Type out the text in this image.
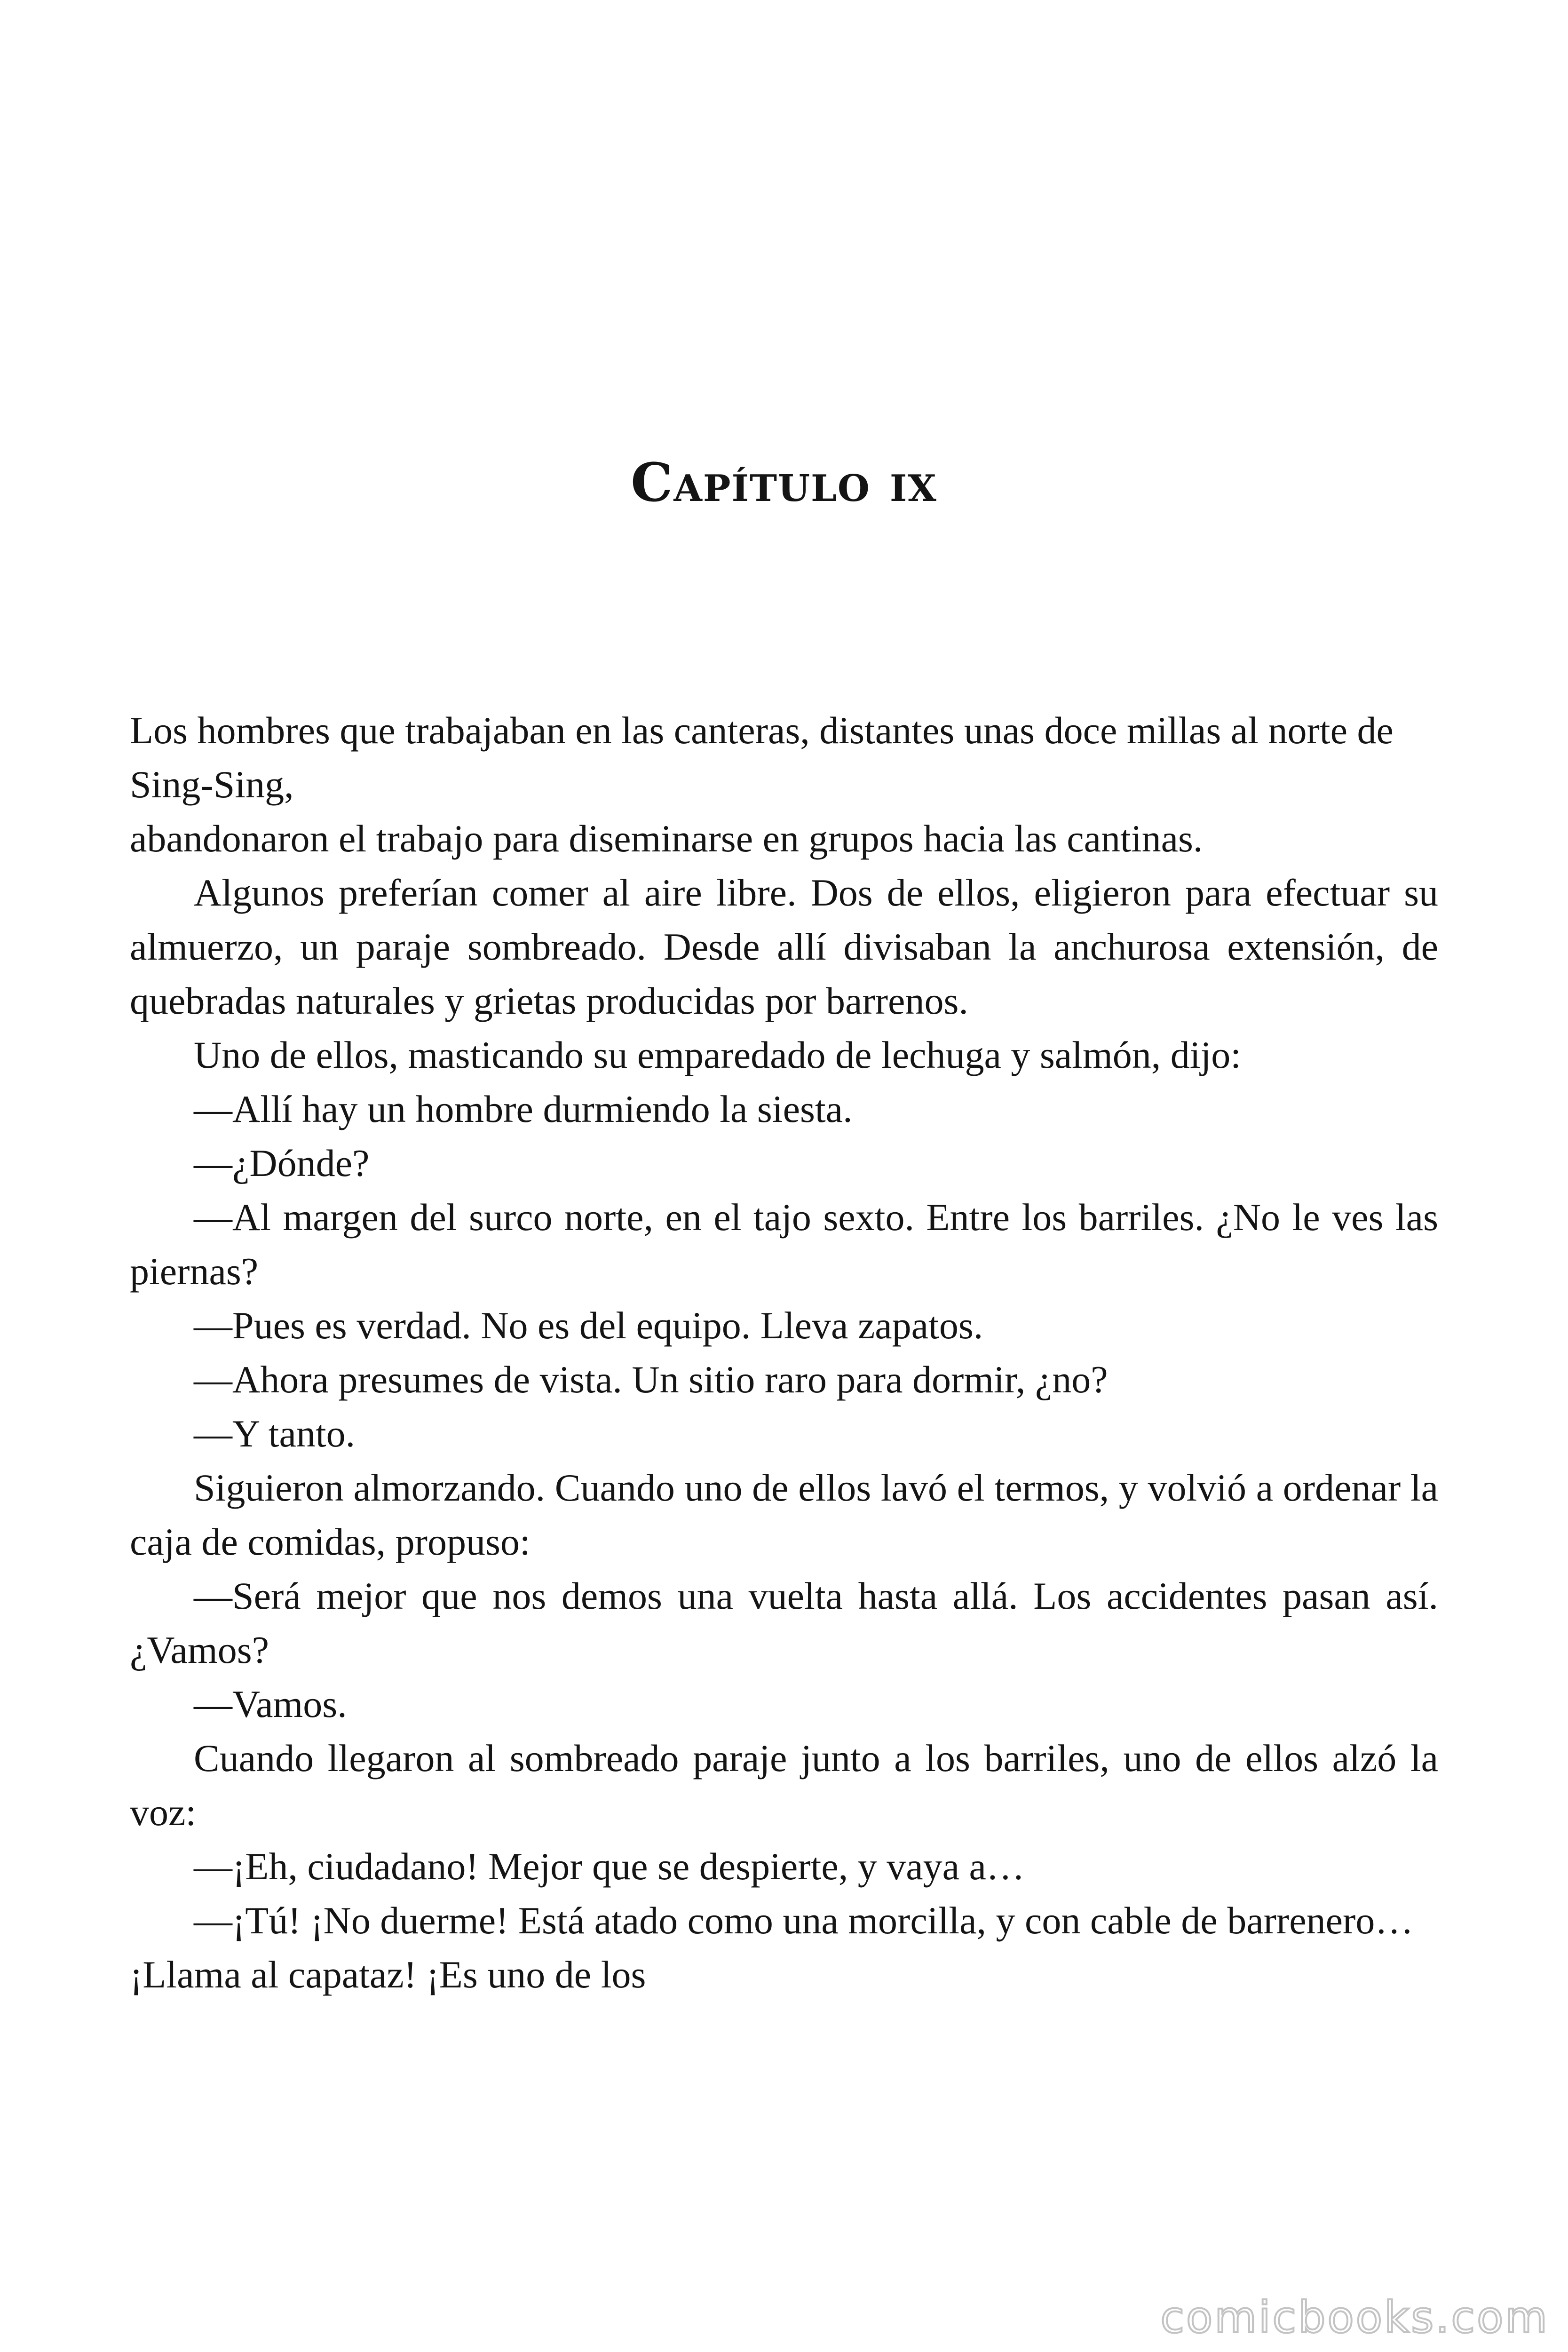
Capítulo ix

Los hombres que trabajaban en las canteras, distantes unas doce millas al norte de

Sing-Sing,

abandonaron el trabajo para diseminarse en grupos hacia las cantinas.

Algunos preferían comer al aire libre. Dos de ellos, eligieron para efectuar su almuerzo, un paraje sombreado. Desde allí divisaban la anchurosa extensión, de quebradas naturales y grietas producidas por barrenos.

Uno de ellos, masticando su emparedado de lechuga y salmón, dijo:

—Allí hay un hombre durmiendo la siesta.

—¿Dónde?

—Al margen del surco norte, en el tajo sexto. Entre los barriles. ¿No le ves las piernas?

—Pues es verdad. No es del equipo. Lleva zapatos.

—Ahora presumes de vista. Un sitio raro para dormir, ¿no?

—Y tanto.

Siguieron almorzando. Cuando uno de ellos lavó el termos, y volvió a ordenar la caja de comidas, propuso:

—Será mejor que nos demos una vuelta hasta allá. Los accidentes pasan así. ¿Vamos?

—Vamos.

Cuando llegaron al sombreado paraje junto a los barriles, uno de ellos alzó la voz:

—¡Eh, ciudadano! Mejor que se despierte, y vaya a…

—¡Tú! ¡No duerme! Está atado como una morcilla, y con cable de barrenero… ¡Llama al capataz! ¡Es uno de los

comicbooks.com
